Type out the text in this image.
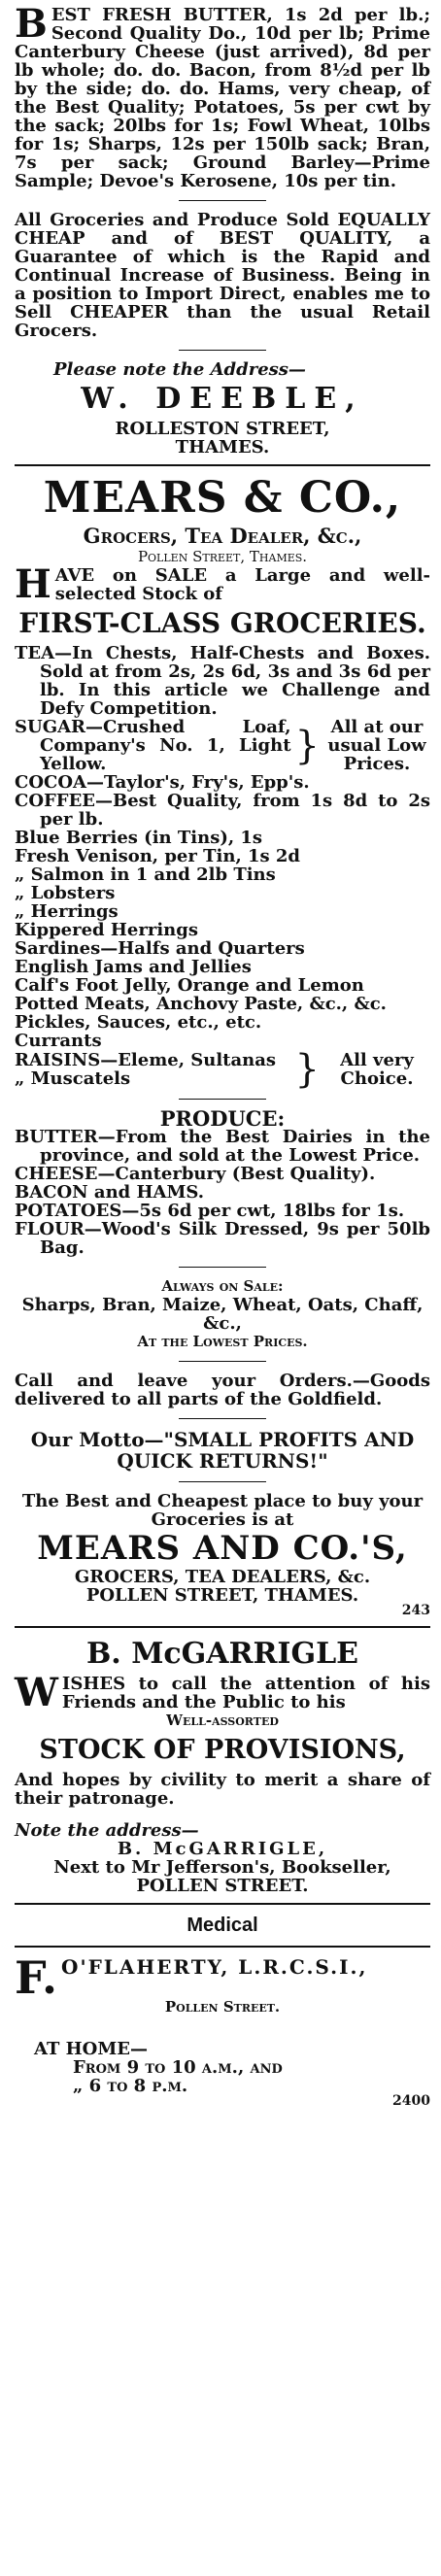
BEST FRESH BUTTER, 1s 2d per lb.; Second Quality Do., 10d per lb; Prime Canterbury Cheese (just arrived), 8d per lb whole; do. do. Bacon, from 8½d per lb by the side; do. do. Hams, very cheap, of the Best Quality; Potatoes, 5s per cwt by the sack; 20lbs for 1s; Fowl Wheat, 10lbs for 1s; Sharps, 12s per 150lb sack; Bran, 7s per sack; Ground Barley—Prime Sample; Devoe's Kerosene, 10s per tin.

All Groceries and Produce Sold EQUALLY CHEAP and of BEST QUALITY, a Guarantee of which is the Rapid and Continual Increase of Business. Being in a position to Import Direct, enables me to Sell CHEAPER than the usual Retail Grocers.

Please note the Address—

W. DEEBLE,

ROLLESTON STREET,

THAMES.

MEARS & CO.,

Grocers, Tea Dealer, &c.,

Pollen Street, Thames.

HAVE on SALE a Large and well-selected Stock of

FIRST-CLASS GROCERIES.

TEA—In Chests, Half-Chests and Boxes. Sold at from 2s, 2s 6d, 3s and 3s 6d per lb. In this article we Challenge and Defy Competition.

SUGAR—Crushed Loaf, Company's No. 1, Light Yellow.	} All at our usual Low Prices.

COCOA—Taylor's, Fry's, Epp's.

COFFEE—Best Quality, from 1s 8d to 2s per lb.

Blue Berries (in Tins), 1s

Fresh Venison, per Tin, 1s 2d

„ Salmon in 1 and 2lb Tins

„ Lobsters

„ Herrings

Kippered Herrings

Sardines—Halfs and Quarters

English Jams and Jellies

Calf's Foot Jelly, Orange and Lemon

Potted Meats, Anchovy Paste, &c., &c.

Pickles, Sauces, etc., etc.

Currants

RAISINS—Eleme, Sultanas
„ Muscatels	}	All very Choice.

PRODUCE:

BUTTER—From the Best Dairies in the province, and sold at the Lowest Price.

CHEESE—Canterbury (Best Quality).

BACON and HAMS.

POTATOES—5s 6d per cwt, 18lbs for 1s.

FLOUR—Wood's Silk Dressed, 9s per 50lb Bag.

Always on Sale:

Sharps, Bran, Maize, Wheat, Oats, Chaff, &c.,

At the Lowest Prices.

Call and leave your Orders.—Goods delivered to all parts of the Goldfield.

Our Motto—"SMALL PROFITS AND QUICK RETURNS!"

The Best and Cheapest place to buy your Groceries is at

MEARS AND CO.'S,

GROCERS, TEA DEALERS, &c.

POLLEN STREET, THAMES.

243
B. McGARRIGLE

WISHES to call the attention of his Friends and the Public to his

Well-assorted

STOCK OF PROVISIONS,

And hopes by civility to merit a share of their patronage.

Note the address—

B. McGARRIGLE,

Next to Mr Jefferson's, Bookseller,

POLLEN STREET.

Medical

F. O'FLAHERTY, L.R.C.S.I.,

Pollen Street.

AT HOME—

From 9 to 10 a.m., and

„ 6 to 8 p.m.

2400
